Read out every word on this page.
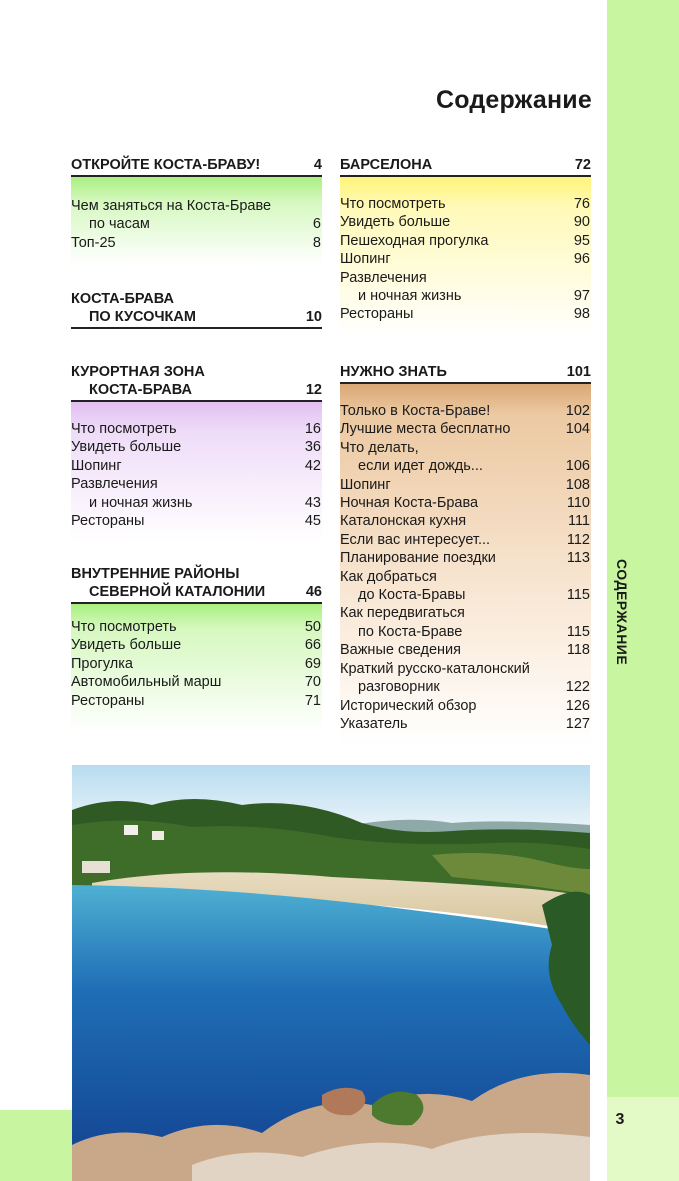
СОДЕРЖАНИЕ
3
Содержание
ОТКРОЙТЕ КОСТА-БРАВУ!	4
Чем заняться на Коста-Браве
по часам	6
Топ-25	8
КОСТА-БРАВА
ПО КУСОЧКАМ	10
КУРОРТНАЯ ЗОНА
КОСТА-БРАВА	12
Что посмотреть	16
Увидеть больше	36
Шопинг	42
Развлечения
и ночная жизнь	43
Рестораны	45
ВНУТРЕННИЕ РАЙОНЫ
СЕВЕРНОЙ КАТАЛОНИИ	46
Что посмотреть	50
Увидеть больше	66
Прогулка	69
Автомобильный марш	70
Рестораны	71
БАРСЕЛОНА	72
Что посмотреть	76
Увидеть больше	90
Пешеходная прогулка	95
Шопинг	96
Развлечения
и ночная жизнь	97
Рестораны	98
НУЖНО ЗНАТЬ	101
Только в Коста-Браве!	102
Лучшие места бесплатно	104
Что делать,
если идет дождь...	106
Шопинг	108
Ночная Коста-Брава	110
Каталонская кухня	111
Если вас интересует...	112
Планирование поездки	113
Как добраться
до Коста-Бравы	115
Как передвигаться
по Коста-Браве	115
Важные сведения	118
Краткий русско-каталонский
разговорник	122
Исторический обзор	126
Указатель	127
